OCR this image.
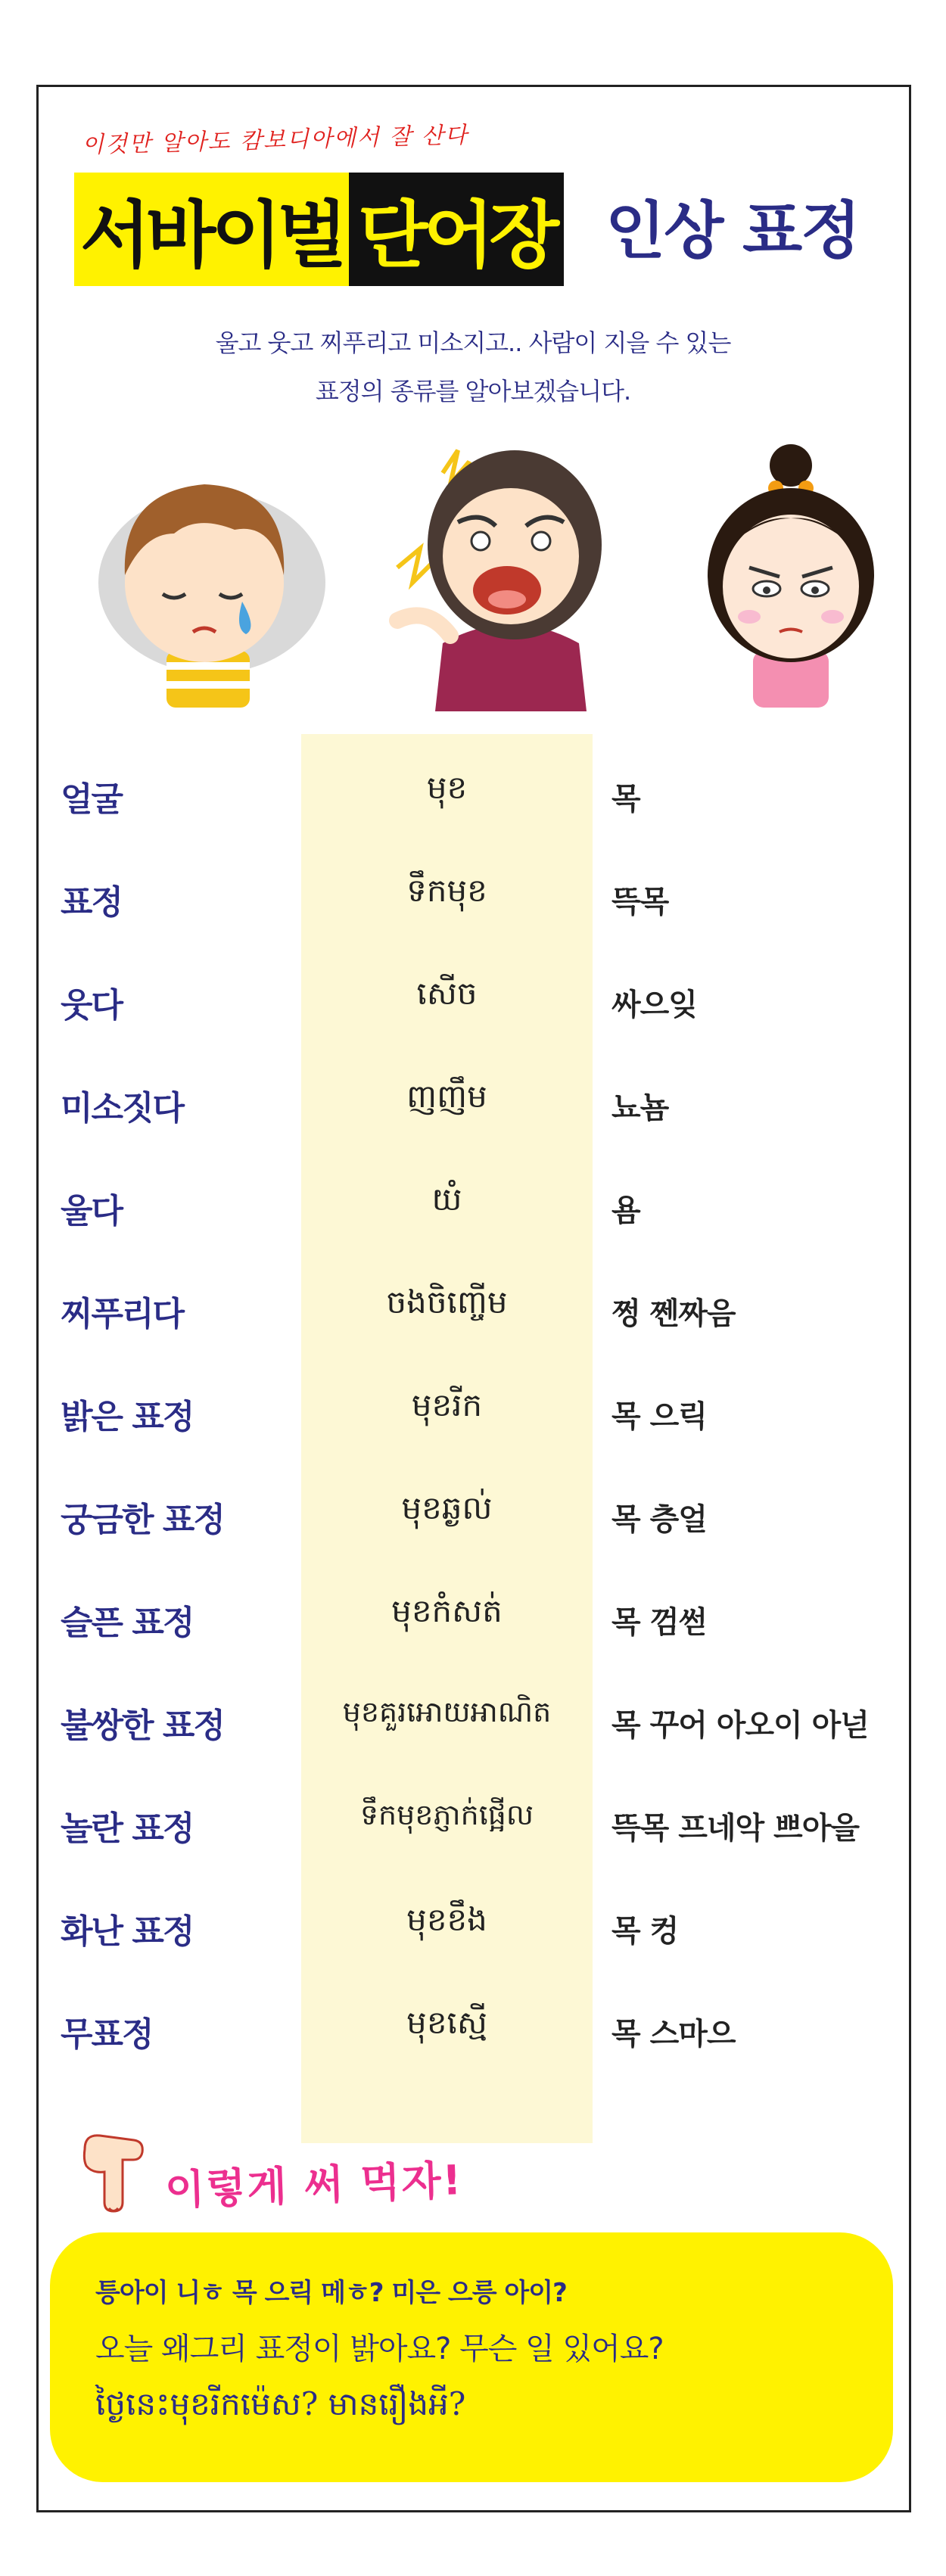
이것만 알아도 캄보디아에서 잘 산다
서바이벌 단어장 인상 표정
울고 웃고 찌푸리고 미소지고.. 사람이 지을 수 있는
표정의 종류를 알아보겠습니다.
얼굴	មុខ	목
표정	ទឹកមុខ	뜩목
웃다	សើច	싸으잊
미소짓다	ញញឹម	뇨뇸
울다	យំ	욤
찌푸리다	ចងចិញ្ចើម	쩡 쩬짜음
밝은 표정	មុខរីក	목 으릭
궁금한 표정	មុខឆ្ងល់	목 층얼
슬픈 표정	មុខកំសត់	목 껌썯
불쌍한 표정	មុខគួរអោយអាណិត	목 꾸어 아오이 아넏
놀란 표정	ទឹកមុខភ្ញាក់ផ្អើល	뜩목 프네악 쁘아을
화난 표정	មុខខឹង	목 컹
무표정	មុខស្មើ	목 스마으
이렇게 써 먹자!
틍아이 니ㅎ 목 으릭 메ㅎ? 미은 으릉 아이?
오늘 왜그리 표정이 밝아요? 무슨 일 있어요?
ថ្ងៃនេះមុខរីកម៉េស? មានរឿងអី?
